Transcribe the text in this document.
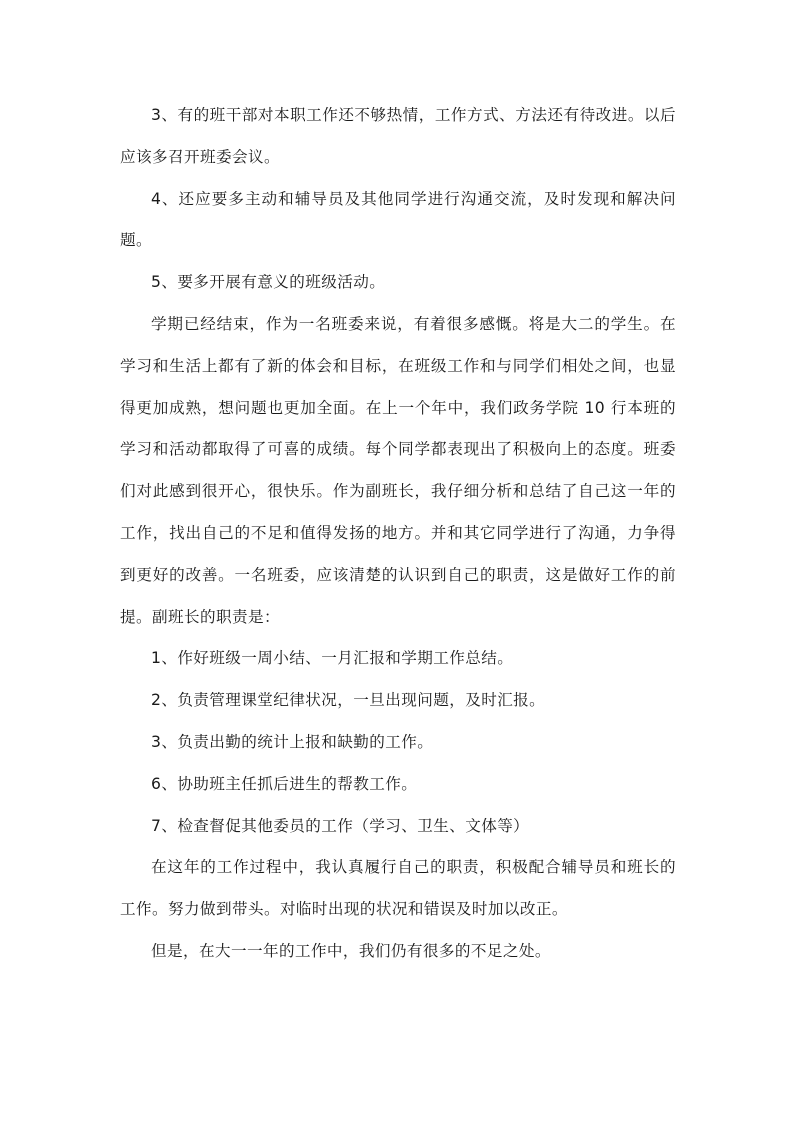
3、有的班干部对本职工作还不够热情，工作方式、方法还有待改进。以后应该多召开班委会议。

4、还应要多主动和辅导员及其他同学进行沟通交流，及时发现和解决问题。

5、要多开展有意义的班级活动。

学期已经结束，作为一名班委来说，有着很多感慨。将是大二的学生。在学习和生活上都有了新的体会和目标，在班级工作和与同学们相处之间，也显得更加成熟，想问题也更加全面。在上一个年中，我们政务学院 10 行本班的学习和活动都取得了可喜的成绩。每个同学都表现出了积极向上的态度。班委们对此感到很开心，很快乐。作为副班长，我仔细分析和总结了自己这一年的工作，找出自己的不足和值得发扬的地方。并和其它同学进行了沟通，力争得到更好的改善。一名班委，应该清楚的认识到自己的职责，这是做好工作的前提。副班长的职责是：

1、作好班级一周小结、一月汇报和学期工作总结。

2、负责管理课堂纪律状况，一旦出现问题，及时汇报。

3、负责出勤的统计上报和缺勤的工作。

6、协助班主任抓后进生的帮教工作。

7、检查督促其他委员的工作（学习、卫生、文体等）

在这年的工作过程中，我认真履行自己的职责，积极配合辅导员和班长的工作。努力做到带头。对临时出现的状况和错误及时加以改正。

但是，在大一一年的工作中，我们仍有很多的不足之处。
